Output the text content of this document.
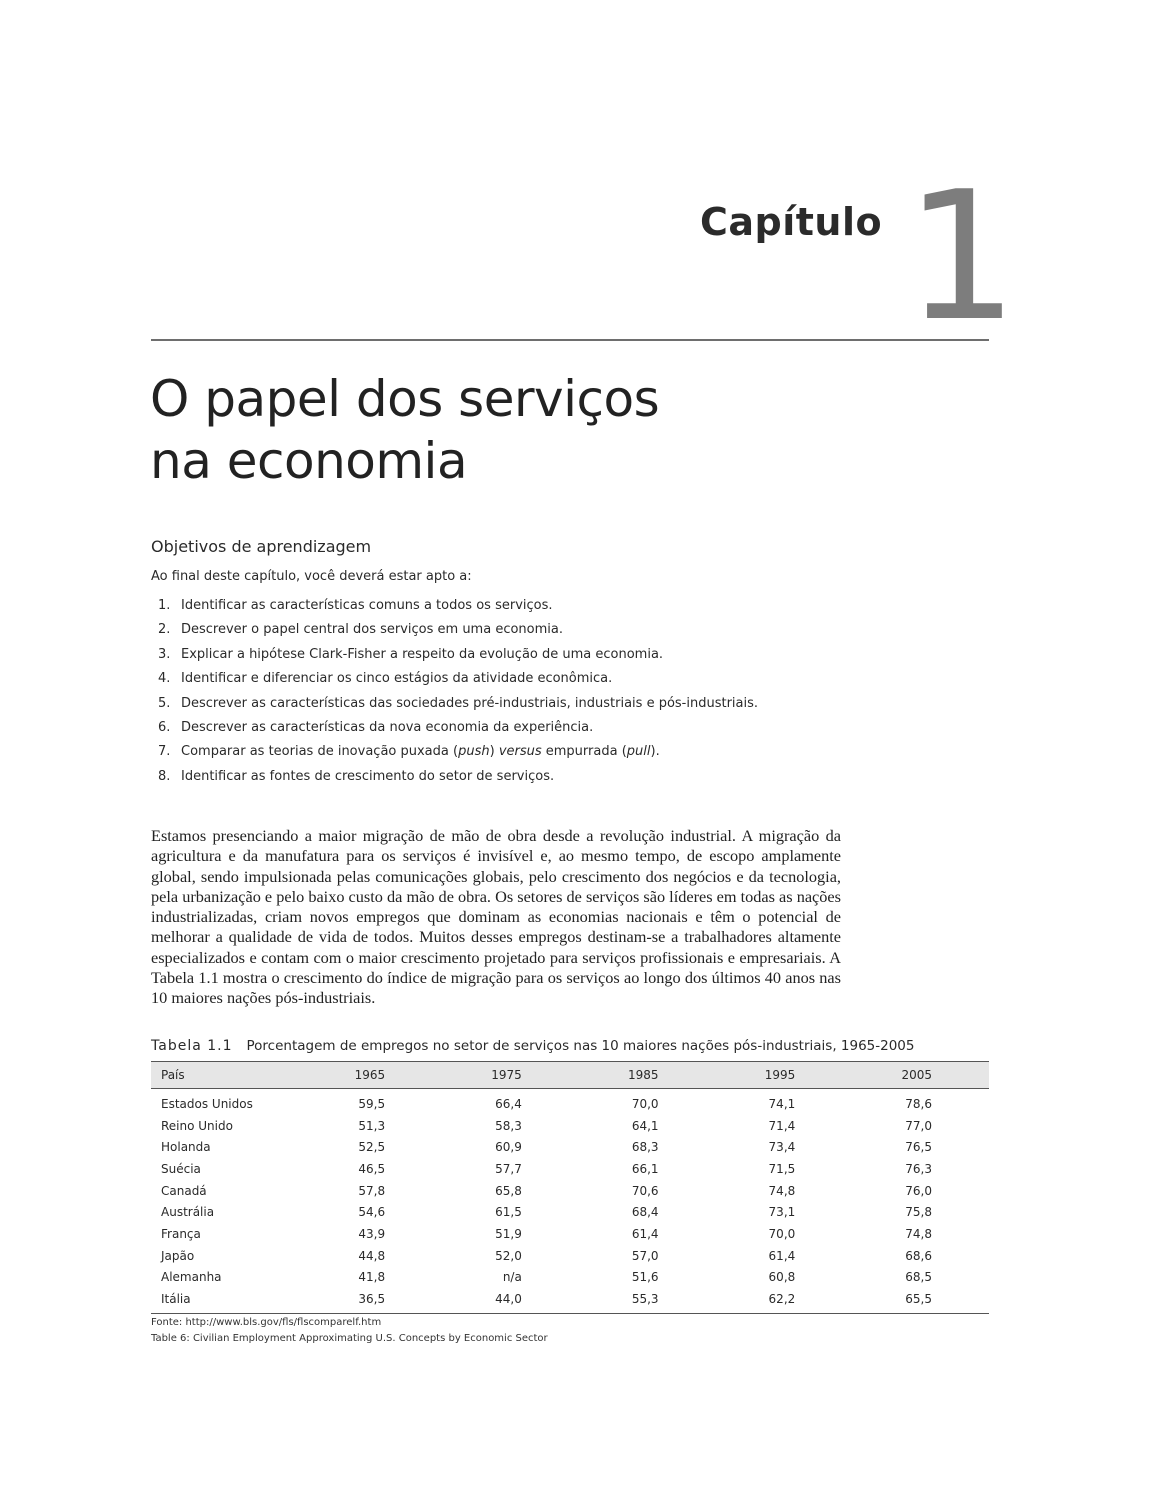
Capítulo 1
O papel dos serviços
na economia
Objetivos de aprendizagem
Ao final deste capítulo, você deverá estar apto a:
1. Identificar as características comuns a todos os serviços.
2. Descrever o papel central dos serviços em uma economia.
3. Explicar a hipótese Clark-Fisher a respeito da evolução de uma economia.
4. Identificar e diferenciar os cinco estágios da atividade econômica.
5. Descrever as características das sociedades pré-industriais, industriais e pós-industriais.
6. Descrever as características da nova economia da experiência.
7. Comparar as teorias de inovação puxada (push) versus empurrada (pull).
8. Identificar as fontes de crescimento do setor de serviços.

Estamos presenciando a maior migração de mão de obra desde a revolução industrial. A migração da agricultura e da manufatura para os serviços é invisível e, ao mesmo tempo, de escopo amplamente global, sendo impulsionada pelas comunicações globais, pelo crescimento dos negócios e da tecnologia, pela urbanização e pelo baixo custo da mão de obra. Os setores de serviços são líderes em todas as nações industrializadas, criam novos empregos que dominam as economias nacionais e têm o potencial de melhorar a qualidade de vida de todos. Muitos desses empregos destinam-se a trabalhadores altamente especializados e contam com o maior crescimento projetado para serviços profissionais e empresariais. A Tabela 1.1 mostra o crescimento do índice de migração para os serviços ao longo dos últimos 40 anos nas 10 maiores nações pós-industriais.

Tabela 1.1 Porcentagem de empregos no setor de serviços nas 10 maiores nações pós-industriais, 1965-2005
País	1965	1975	1985	1995	2005
Estados Unidos	59,5	66,4	70,0	74,1	78,6
Reino Unido	51,3	58,3	64,1	71,4	77,0
Holanda	52,5	60,9	68,3	73,4	76,5
Suécia	46,5	57,7	66,1	71,5	76,3
Canadá	57,8	65,8	70,6	74,8	76,0
Austrália	54,6	61,5	68,4	73,1	75,8
França	43,9	51,9	61,4	70,0	74,8
Japão	44,8	52,0	57,0	61,4	68,6
Alemanha	41,8	n/a	51,6	60,8	68,5
Itália	36,5	44,0	55,3	62,2	65,5
Fonte: http://www.bls.gov/fls/flscomparelf.htm
Table 6: Civilian Employment Approximating U.S. Concepts by Economic Sector
